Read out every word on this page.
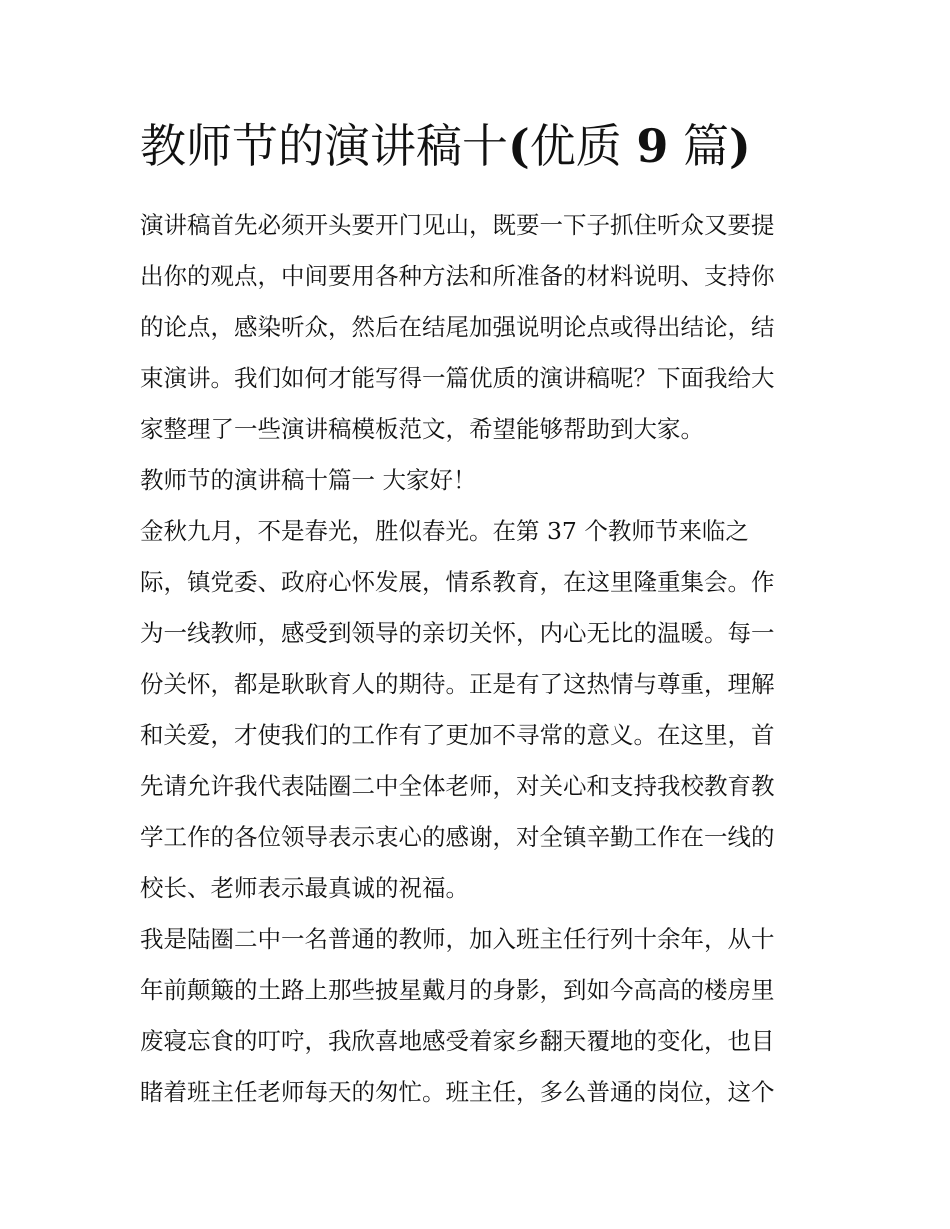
教师节的演讲稿十(优质 9 篇)
演讲稿首先必须开头要开门见山，既要一下子抓住听众又要提
出你的观点，中间要用各种方法和所准备的材料说明、支持你
的论点，感染听众，然后在结尾加强说明论点或得出结论，结
束演讲。我们如何才能写得一篇优质的演讲稿呢？下面我给大
家整理了一些演讲稿模板范文，希望能够帮助到大家。
教师节的演讲稿十篇一 大家好！
金秋九月，不是春光，胜似春光。在第 37 个教师节来临之
际，镇党委、政府心怀发展，情系教育，在这里隆重集会。作
为一线教师，感受到领导的亲切关怀，内心无比的温暖。每一
份关怀，都是耿耿育人的期待。正是有了这热情与尊重，理解
和关爱，才使我们的工作有了更加不寻常的意义。在这里，首
先请允许我代表陆圈二中全体老师，对关心和支持我校教育教
学工作的各位领导表示衷心的感谢，对全镇辛勤工作在一线的
校长、老师表示最真诚的祝福。
我是陆圈二中一名普通的教师，加入班主任行列十余年，从十
年前颠簸的土路上那些披星戴月的身影，到如今高高的楼房里
废寝忘食的叮咛，我欣喜地感受着家乡翻天覆地的变化，也目
睹着班主任老师每天的匆忙。班主任，多么普通的岗位，这个
